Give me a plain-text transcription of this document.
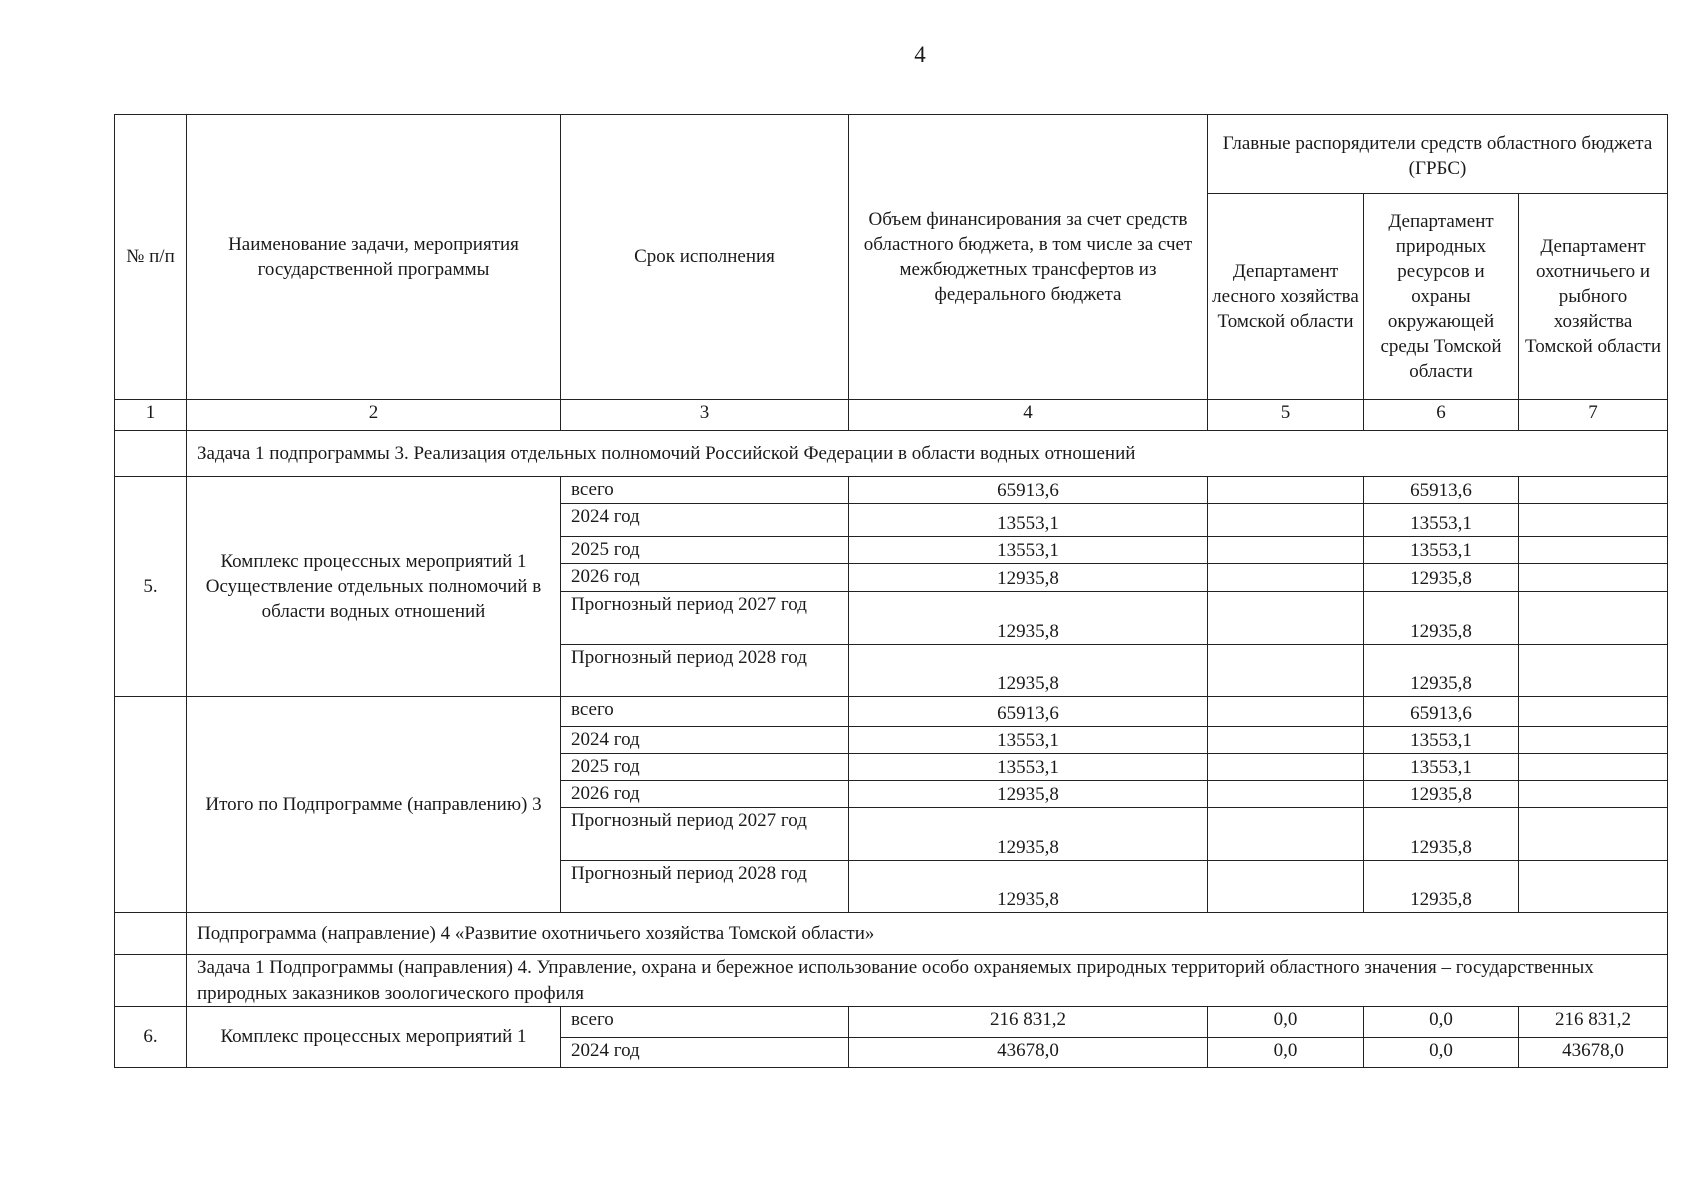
4
№ п/п	Наименование задачи, мероприятия государственной программы	Срок исполнения	Объем финансирования за счет средств областного бюджета, в том числе за счет межбюджетных трансфертов из федерального бюджета	Главные распорядители средств областного бюджета (ГРБС)		
				Департамент лесного хозяйства Томской области	Департамент природных ресурсов и охраны окружающей среды Томской области	Департамент охотничьего и рыбного хозяйства Томской области
1	2	3	4	5	6	7
	Задача 1 подпрограммы 3. Реализация отдельных полномочий Российской Федерации в области водных отношений					
5.	Комплекс процессных мероприятий 1 Осуществление отдельных полномочий в области водных отношений	всего	65913,6		65913,6	
		2024 год	13553,1		13553,1	
		2025 год	13553,1		13553,1	
		2026 год	12935,8		12935,8	
		Прогнозный период 2027 год	12935,8		12935,8	
		Прогнозный период 2028 год	12935,8		12935,8	
	Итого по Подпрограмме (направлению) 3	всего	65913,6		65913,6	
		2024 год	13553,1		13553,1	
		2025 год	13553,1		13553,1	
		2026 год	12935,8		12935,8	
		Прогнозный период 2027 год	12935,8		12935,8	
		Прогнозный период 2028 год	12935,8		12935,8	
	Подпрограмма (направление) 4 «Развитие охотничьего хозяйства Томской области»					
	Задача 1 Подпрограммы (направления) 4. Управление, охрана и бережное использование особо охраняемых природных территорий областного значения – государственных природных заказников зоологического профиля					
6.	Комплекс процессных мероприятий 1	всего	216 831,2	0,0	0,0	216 831,2
		2024 год	43678,0	0,0	0,0	43678,0
